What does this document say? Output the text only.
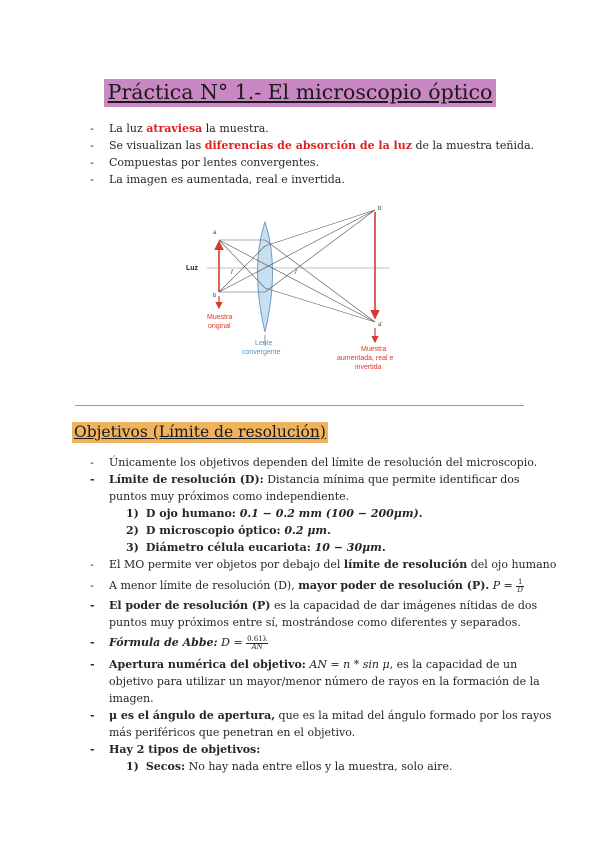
Práctica N° 1.- El microscopio óptico
- La luz atraviesa la muestra.
- Se visualizan las diferencias de absorción de la luz de la muestra teñida.
- Compuestas por lentes convergentes.
- La imagen es aumentada, real e invertida.
Luz
a
b
b'
a'
f	f
Muestra
original
Lente
convergente	Muestra
aumentada, real e
invertida
Objetivos (Límite de resolución)
- Únicamente los objetivos dependen del límite de resolución del microscopio.
- Límite de resolución (D): Distancia mínima que permite identificar dos
puntos muy próximos como independiente.
1) D ojo humano: 0.1 − 0.2 mm (100 − 200μm).
2) D microscopio óptico: 0.2 μm.
3) Diámetro célula eucariota: 10 − 30μm.
- El MO permite ver objetos por debajo del límite de resolución del ojo humano
- A menor límite de resolución (D), mayor poder de resolución (P). $P = \frac{1}{D}$
- El poder de resolución (P) es la capacidad de dar imágenes nítidas de dos
puntos muy próximos entre sí, mostrándose como diferentes y separados.
- Fórmula de Abbe: $D = \frac{0.61\lambda}{AN}$
- Apertura numérica del objetivo: AN = n * sin μ, es la capacidad de un
objetivo para utilizar un mayor/menor número de rayos en la formación de la
imagen.
- μ es el ángulo de apertura, que es la mitad del ángulo formado por los rayos
más periféricos que penetran en el objetivo.
- Hay 2 tipos de objetivos:
1) Secos: No hay nada entre ellos y la muestra, solo aire.
